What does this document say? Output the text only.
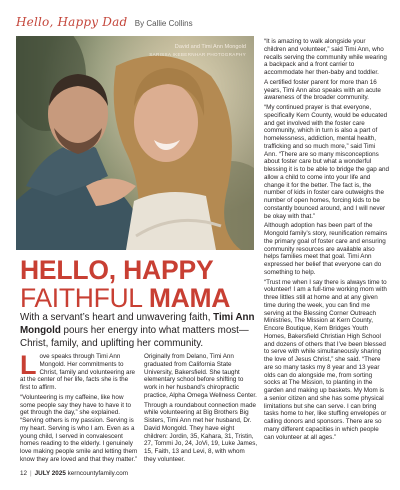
Hello, Happy Dad By Callie Collins
David and Timi Ann Mongold
SARISSA IKEBERNHAR PHOTOGRAPHY
HELLO, HAPPY
FAITHFUL MAMA
With a servant’s heart and unwavering faith, Timi Ann Mongold pours her energy into what matters most—Christ, family, and uplifting her community.

Love speaks through Timi Ann Mongold. Her commitments to Christ, family and volunteering are at the center of her life, facts she is the first to affirm.

“Volunteering is my caffeine, like how some people say they have to have it to get through the day,” she explained. “Serving others is my passion. Serving is my heart. Serving is who I am. Even as a young child, I served in convalescent homes reading to the elderly. I genuinely love making people smile and letting them know they are loved and that they matter.”

Originally from Delano, Timi Ann graduated from California State University, Bakersfield. She taught elementary school before shifting to work in her husband’s chiropractic practice, Alpha Omega Wellness Center.

Through a roundabout connection made while volunteering at Big Brothers Big Sisters, Timi Ann met her husband, Dr. David Mongold. They have eight children: Jordin, 35, Kahara, 31, Tristin, 27, Tommi Jo, 24, JoVi, 19, Luke James, 15, Faith, 13 and Levi, 8, with whom they volunteer.

“It is amazing to walk alongside your children and volunteer,” said Timi Ann, who recalls serving the community while wearing a backpack and a front carrier to accommodate her then-baby and toddler.

A certified foster parent for more than 16 years, Timi Ann also speaks with an acute awareness of the broader community.

“My continued prayer is that everyone, specifically Kern County, would be educated and get involved with the foster care community, which in turn is also a part of homelessness, addiction, mental health, trafficking and so much more,” said Timi Ann. “There are so many misconceptions about foster care but what a wonderful blessing it is to be able to bridge the gap and allow a child to come into your life and change it for the better. The fact is, the number of kids in foster care outweighs the number of open homes, forcing kids to be constantly bounced around, and I will never be okay with that.”

Although adoption has been part of the Mongold family’s story, reunification remains the primary goal of foster care and ensuring community resources are available also helps families meet that goal. Timi Ann expressed her belief that everyone can do something to help.

“Trust me when I say there is always time to volunteer! I am a full-time working mom with three littles still at home and at any given time during the week, you can find me serving at the Blessing Corner Outreach Ministries, The Mission at Kern County, Encore Boutique, Kern Bridges Youth Homes, Bakersfield Christian High School and dozens of others that I’ve been blessed to serve with while simultaneously sharing the love of Jesus Christ,” she said. “There are so many tasks my 8 year and 13 year olds can do alongside me, from sorting socks at The Mission, to planting in the garden and making up baskets. My Mom is a senior citizen and she has some physical limitations but she can serve. I can bring tasks home to her, like stuffing envelopes or calling donors and sponsors. There are so many different capacities in which people can volunteer at all ages.”

12 | JULY 2025 kerncountyfamily.com
